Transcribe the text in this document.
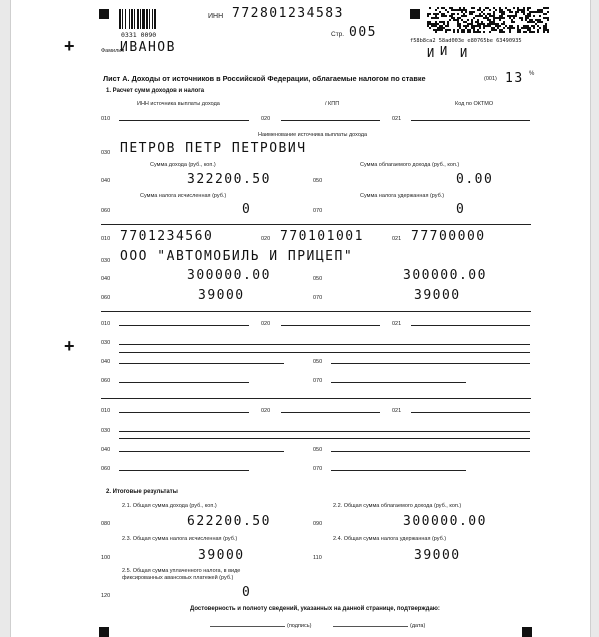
+
+
0331 0090
ИНН 772801234583
Стр. 005
f58b8ca2 58ad003e e80765be 63490935
Фамилия
ИВАНОВ	И И И
Лист А. Доходы от источников в Российской Федерации, облагаемые налогом по ставке	(001) 13 %
1. Расчет сумм доходов и налога
ИНН источника выплаты дохода	/ КПП	Код по ОКТМО
010	020	021
Наименование источника выплаты дохода
030 ПЕТРОВ ПЕТР ПЕТРОВИЧ
Сумма дохода (руб., коп.)	Сумма облагаемого дохода (руб., коп.)
040	322200.50	050	0.00
Сумма налога исчисленная (руб.)	Сумма налога удержанная (руб.)
060	0	070	0
010 7701234560	020 770101001	021 77700000
030 ООО "АВТОМОБИЛЬ И ПРИЦЕП"
040	300000.00	050	300000.00
060	39000	070	39000
010	020	021
030
040	050
060	070
010	020	021
030
040	050
060	070
2. Итоговые результаты
2.1. Общая сумма дохода (руб., коп.)	2.2. Общая сумма облагаемого дохода (руб., коп.)
080	622200.50	090	300000.00
2.3. Общая сумма налога исчисленная (руб.)	2.4. Общая сумма налога удержанная (руб.)
100	39000	110	39000
2.5. Общая сумма уплаченного налога, в виде фиксированных авансовых платежей (руб.)
120	0
Достоверность и полноту сведений, указанных на данной странице, подтверждаю:
(подпись)	(дата)
